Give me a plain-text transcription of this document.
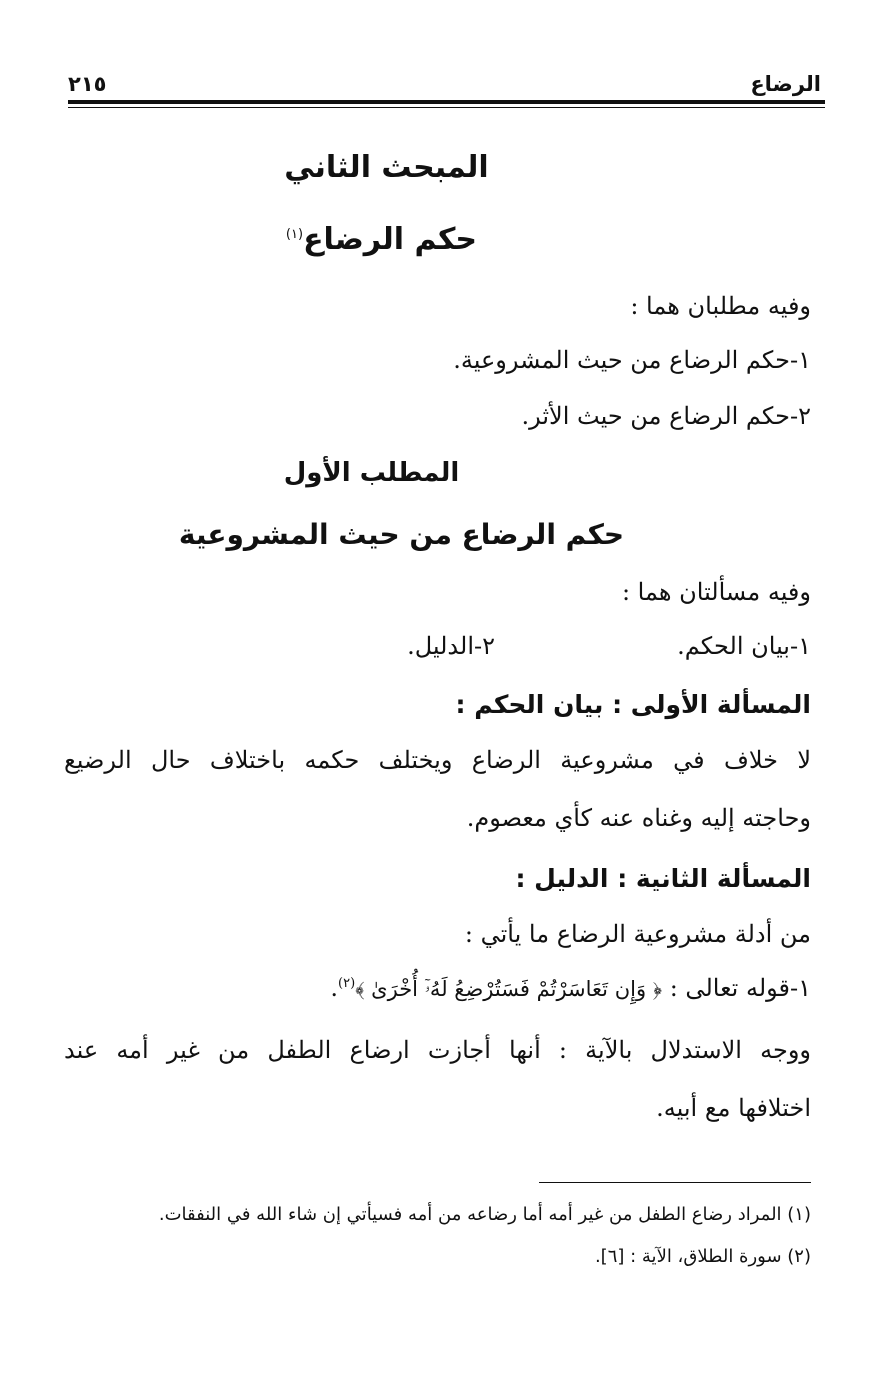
الرضاع
٢١٥
المبحث الثاني
حكم الرضاع$^{(١)}$
وفيه مطلبان هما :
١-حكم الرضاع من حيث المشروعية.
٢-حكم الرضاع من حيث الأثر.
المطلب الأول
حكم الرضاع من حيث المشروعية
وفيه مسألتان هما :
١-بيان الحكم.
٢-الدليل.
المسألة الأولى : بيان الحكم :
لا خلاف في مشروعية الرضاع ويختلف حكمه باختلاف حال الرضيع
وحاجته إليه وغناه عنه كأي معصوم.
المسألة الثانية : الدليل :
من أدلة مشروعية الرضاع ما يأتي :
١-قوله تعالى : ﴿ وَإِن تَعَاسَرْتُمْ فَسَتُرْضِعُ لَهُۥٓ أُخْرَىٰ ﴾$^{(٢)}$.
ووجه الاستدلال بالآية : أنها أجازت ارضاع الطفل من غير أمه عند
اختلافها مع أبيه.
(١) المراد رضاع الطفل من غير أمه أما رضاعه من أمه فسيأتي إن شاء الله في النفقات.
(٢) سورة الطلاق، الآية : [٦].
